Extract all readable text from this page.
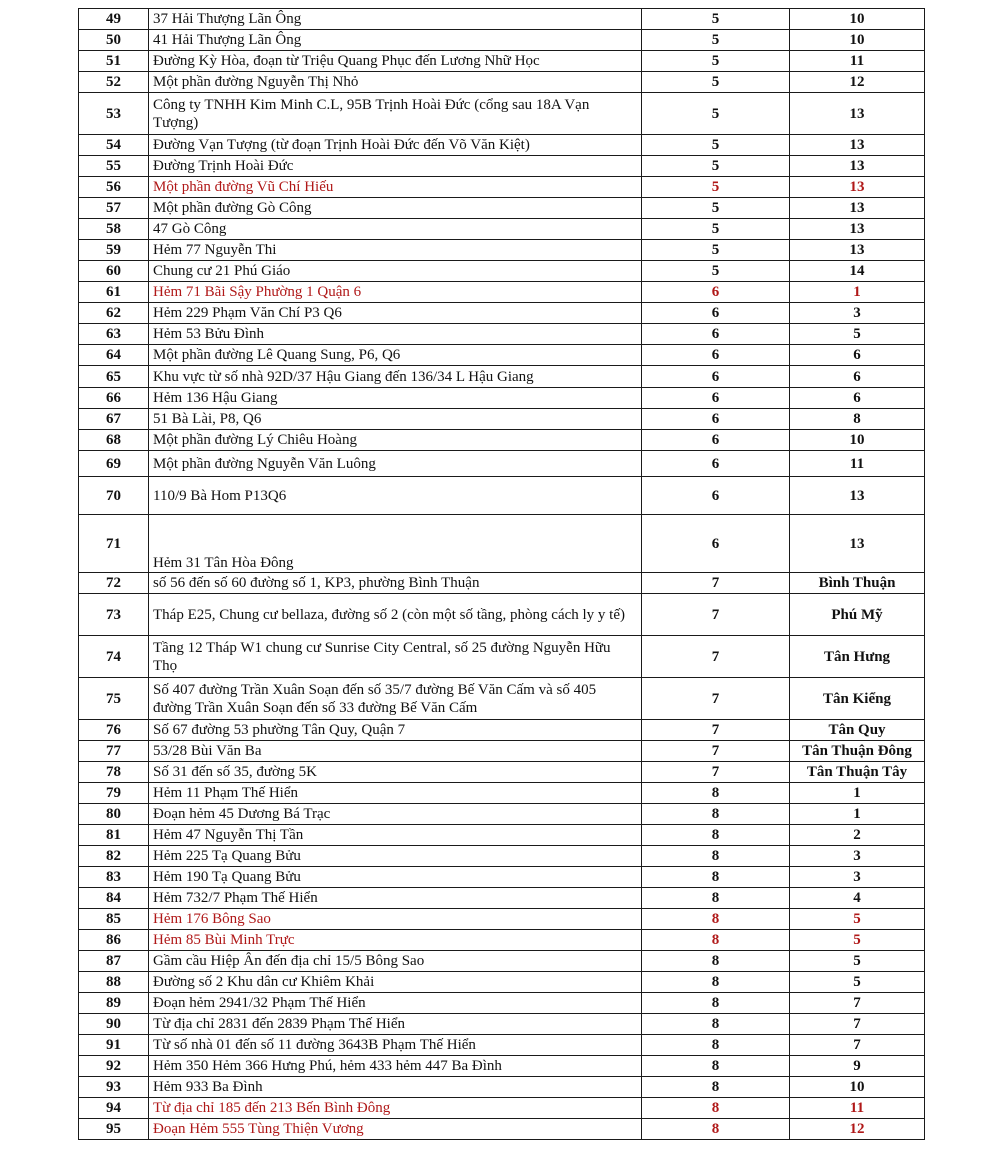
49	37 Hải Thượng Lãn Ông	5	10
50	41 Hải Thượng Lãn Ông	5	10
51	Đường Kỳ Hòa, đoạn từ Triệu Quang Phục đến Lương Nhữ Học	5	11
52	Một phần đường Nguyễn Thị Nhỏ	5	12
53	Công ty TNHH Kim Minh C.L, 95B Trịnh Hoài Đức (cổng sau 18A Vạn Tượng)	5	13
54	Đường Vạn Tượng (từ đoạn Trịnh Hoài Đức đến Võ Văn Kiệt)	5	13
55	Đường Trịnh Hoài Đức	5	13
56	Một phần đường Vũ Chí Hiếu	5	13
57	Một phần đường Gò Công	5	13
58	47 Gò Công	5	13
59	Hẻm 77 Nguyễn Thi	5	13
60	Chung cư 21 Phú Giáo	5	14
61	Hẻm 71 Bãi Sậy Phường 1 Quận 6	6	1
62	Hẻm 229 Phạm Văn Chí P3 Q6	6	3
63	Hẻm 53 Bửu Đình	6	5
64	Một phần đường Lê Quang Sung, P6, Q6	6	6
65	Khu vực từ số nhà 92D/37 Hậu Giang đến 136/34 L Hậu Giang	6	6
66	Hẻm 136 Hậu Giang	6	6
67	51 Bà Lài, P8, Q6	6	8
68	Một phần đường Lý Chiêu Hoàng	6	10
69	Một phần đường Nguyễn Văn Luông	6	11
70	110/9 Bà Hom P13Q6	6	13
71	Hẻm 31 Tân Hòa Đông	6	13
72	số 56 đến số 60 đường số 1, KP3, phường Bình Thuận	7	Bình Thuận
73	Tháp E25, Chung cư bellaza, đường số 2 (còn một số tầng, phòng cách ly y tế)	7	Phú Mỹ
74	Tầng 12 Tháp W1 chung cư Sunrise City Central, số 25 đường Nguyễn Hữu Thọ	7	Tân Hưng
75	Số 407 đường Trần Xuân Soạn đến số 35/7 đường Bế Văn Cấm và số 405 đường Trần Xuân Soạn đến số 33 đường Bế Văn Cấm	7	Tân Kiểng
76	Số 67 đường 53 phường Tân Quy, Quận 7	7	Tân Quy
77	53/28 Bùi Văn Ba	7	Tân Thuận Đông
78	Số 31 đến số 35, đường 5K	7	Tân Thuận Tây
79	Hẻm 11 Phạm Thế Hiển	8	1
80	Đoạn hẻm 45 Dương Bá Trạc	8	1
81	Hẻm 47 Nguyễn Thị Tần	8	2
82	Hẻm 225 Tạ Quang Bửu	8	3
83	Hẻm 190 Tạ Quang Bửu	8	3
84	Hẻm 732/7 Phạm Thế Hiển	8	4
85	Hẻm 176 Bông Sao	8	5
86	Hẻm 85 Bùi Minh Trực	8	5
87	Gầm cầu Hiệp Ân đến địa chỉ 15/5 Bông Sao	8	5
88	Đường số 2 Khu dân cư Khiêm Khải	8	5
89	Đoạn hẻm 2941/32 Phạm Thế Hiển	8	7
90	Từ địa chỉ 2831 đến 2839 Phạm Thế Hiển	8	7
91	Từ số nhà 01 đến số 11 đường 3643B Phạm Thế Hiển	8	7
92	Hẻm 350 Hẻm 366 Hưng Phú, hẻm 433 hẻm 447 Ba Đình	8	9
93	Hẻm 933 Ba Đình	8	10
94	Từ địa chỉ 185 đến 213 Bến Bình Đông	8	11
95	Đoạn Hẻm 555 Tùng Thiện Vương	8	12
